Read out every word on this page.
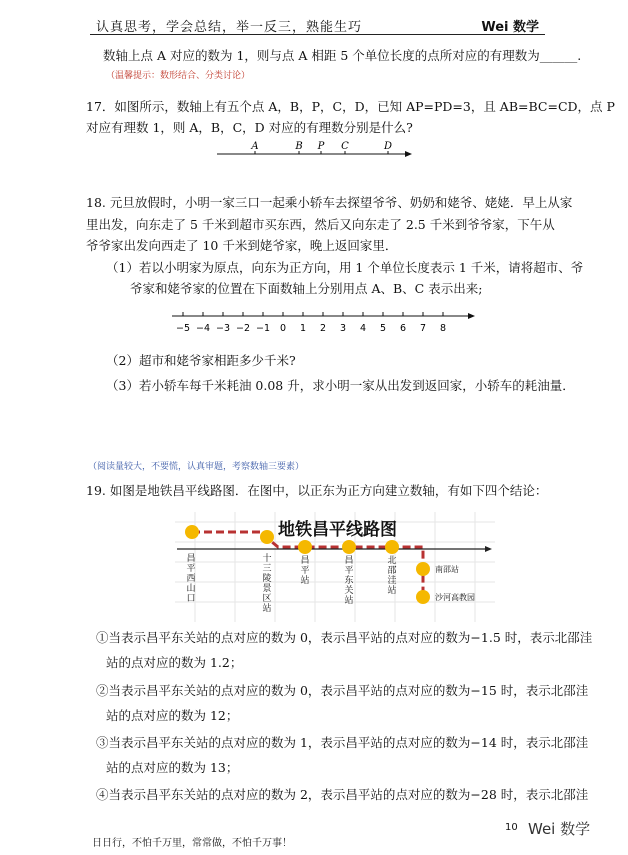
认真思考，学会总结，举一反三，熟能生巧	Wei 数学
数轴上点 A 对应的数为 1，则与点 A 相距 5 个单位长度的点所对应的有理数为______.
（温馨提示：数形结合、分类讨论）
17．如图所示，数轴上有五个点 A，B，P，C，D，已知 AP=PD=3，且 AB=BC=CD，点 P
对应有理数 1，则 A，B，C，D 对应的有理数分别是什么?
A	B P C	D
18. 元旦放假时，小明一家三口一起乘小轿车去探望爷爷、奶奶和姥爷、姥姥．早上从家
里出发，向东走了 5 千米到超市买东西，然后又向东走了 2.5 千米到爷爷家，下午从
爷爷家出发向西走了 10 千米到姥爷家，晚上返回家里．
（1）若以小明家为原点，向东为正方向，用 1 个单位长度表示 1 千米，请将超市、爷
爷家和姥爷家的位置在下面数轴上分别用点 A、B、C 表示出来;
−5 −4 −3 −2 −1 0 1 2 3 4 5 6 7 8
（2）超市和姥爷家相距多少千米?
（3）若小轿车每千米耗油 0.08 升，求小明一家从出发到返回家，小轿车的耗油量．
（阅读量较大，不要慌，认真审题，考察数轴三要素）
19. 如图是地铁昌平线路图．在图中，以正东为正方向建立数轴，有如下四个结论：
地铁昌平线路图
昌平西山口
十三陵景区站
昌平站
昌平东关站
北邵洼站
南邵站
沙河高教园
①当表示昌平东关站的点对应的数为 0，表示昌平站的点对应的数为−1.5 时，表示北邵洼
站的点对应的数为 1.2；
②当表示昌平东关站的点对应的数为 0，表示昌平站的点对应的数为−15 时，表示北邵洼
站的点对应的数为 12；
③当表示昌平东关站的点对应的数为 1，表示昌平站的点对应的数为−14 时，表示北邵洼
站的点对应的数为 13；
④当表示昌平东关站的点对应的数为 2，表示昌平站的点对应的数为−28 时，表示北邵洼
日日行，不怕千万里，常常做，不怕千万事！
10 Wei 数学
